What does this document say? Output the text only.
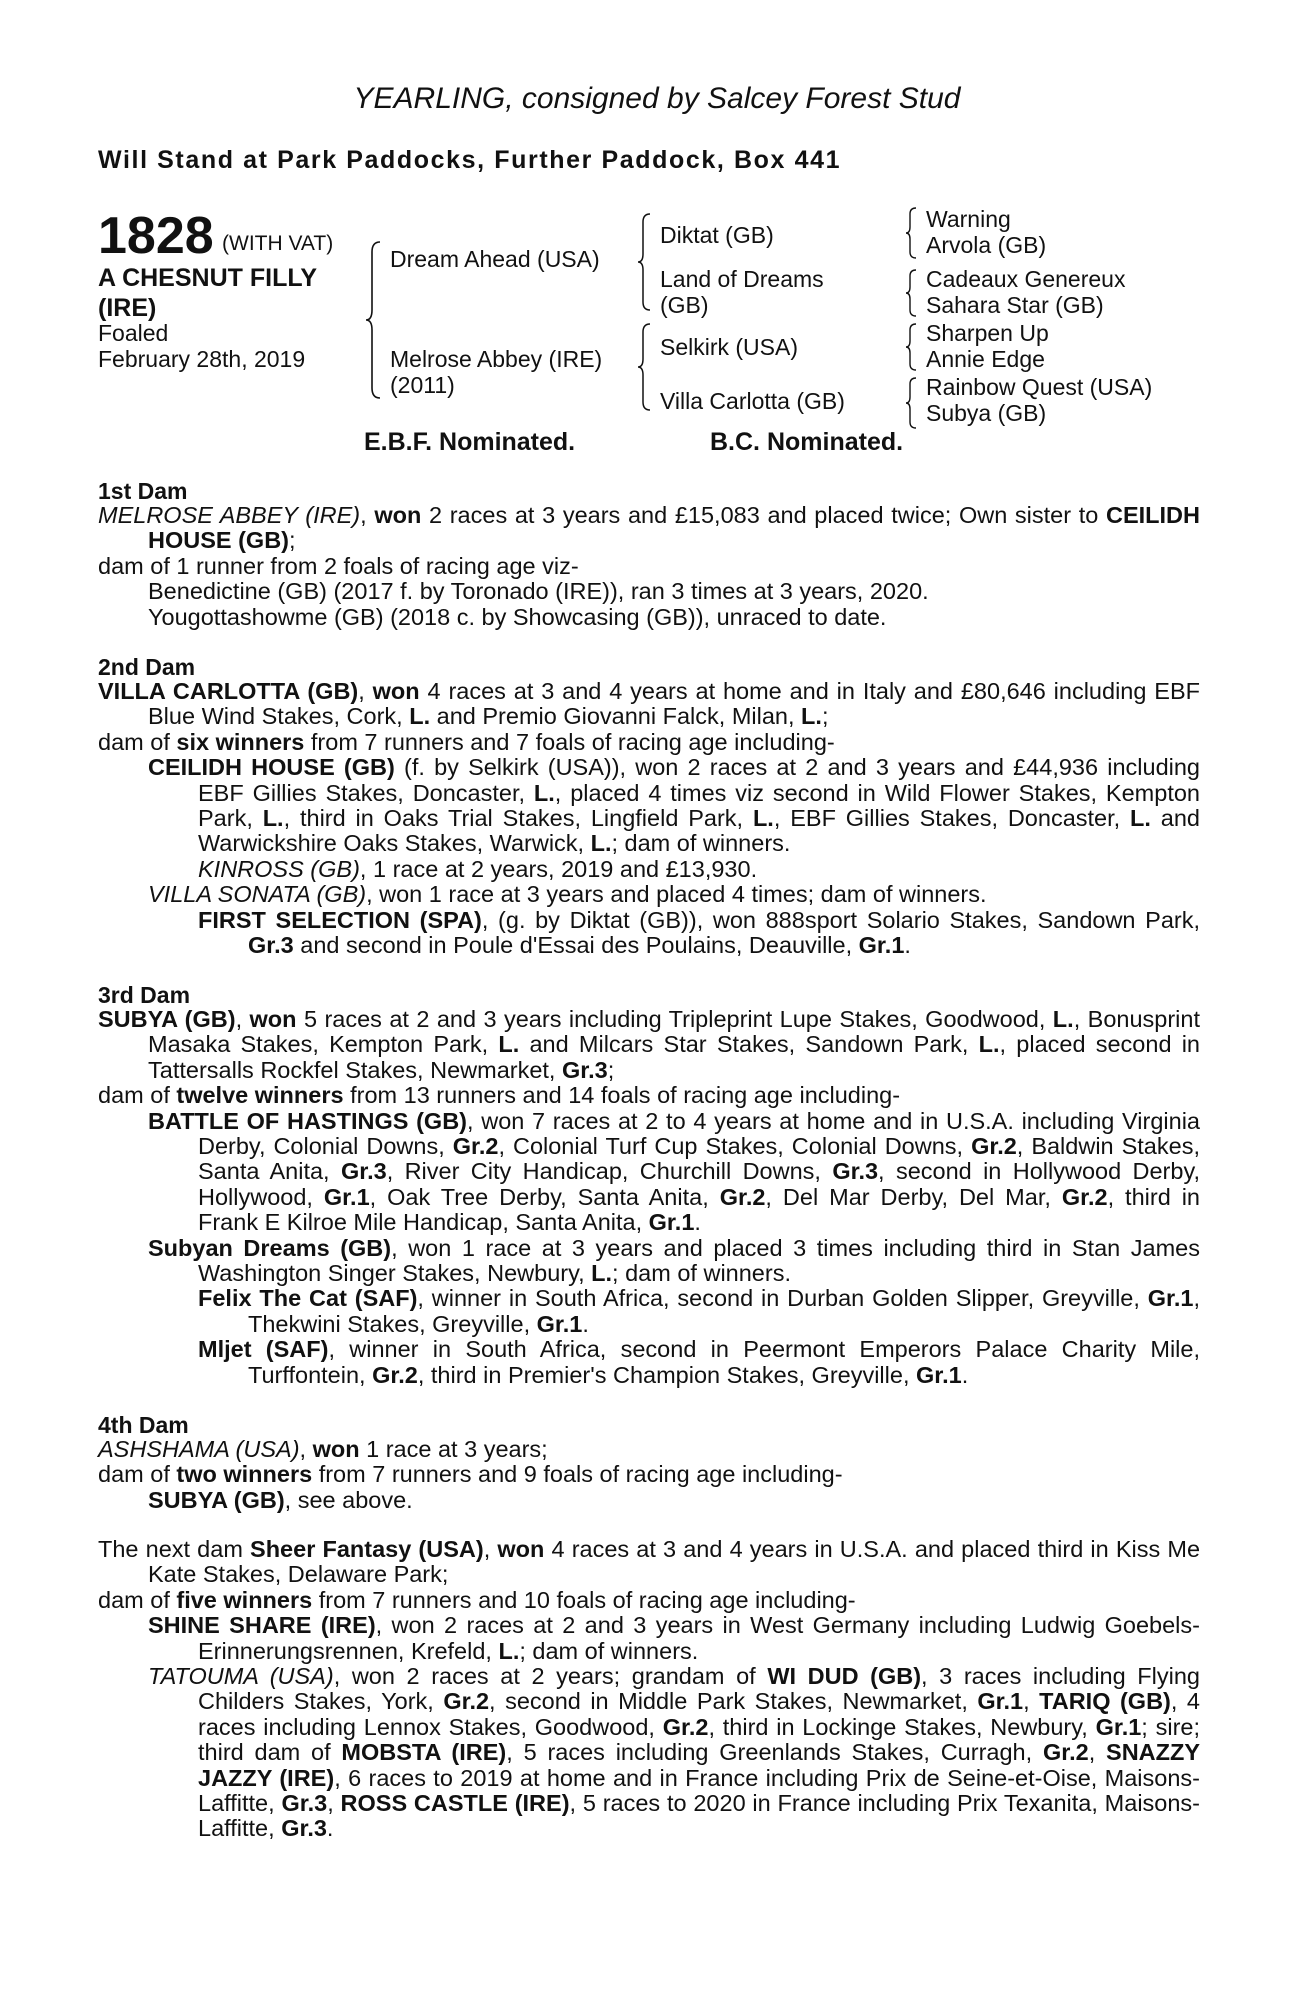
YEARLING, consigned by Salcey Forest Stud
Will Stand at Park Paddocks, Further Paddock, Box 441
1828 (WITH VAT)
A CHESNUT FILLY
(IRE)
Foaled
February 28th, 2019
Dream Ahead (USA)
Melrose Abbey (IRE)
(2011)
Diktat (GB)
Land of Dreams
(GB)
Selkirk (USA)
Villa Carlotta (GB)
Warning
Arvola (GB)
Cadeaux Genereux
Sahara Star (GB)
Sharpen Up
Annie Edge
Rainbow Quest (USA)
Subya (GB)
E.B.F. Nominated.	B.C. Nominated.
1st Dam

MELROSE ABBEY (IRE), won 2 races at 3 years and £15,083 and placed twice; Own sister to CEILIDH HOUSE (GB);

dam of 1 runner from 2 foals of racing age viz-

Benedictine (GB) (2017 f. by Toronado (IRE)), ran 3 times at 3 years, 2020.

Yougottashowme (GB) (2018 c. by Showcasing (GB)), unraced to date.

2nd Dam

VILLA CARLOTTA (GB), won 4 races at 3 and 4 years at home and in Italy and £80,646 including EBF Blue Wind Stakes, Cork, L. and Premio Giovanni Falck, Milan, L.;

dam of six winners from 7 runners and 7 foals of racing age including-

CEILIDH HOUSE (GB) (f. by Selkirk (USA)), won 2 races at 2 and 3 years and £44,936 including EBF Gillies Stakes, Doncaster, L., placed 4 times viz second in Wild Flower Stakes, Kempton Park, L., third in Oaks Trial Stakes, Lingfield Park, L., EBF Gillies Stakes, Doncaster, L. and Warwickshire Oaks Stakes, Warwick, L.; dam of winners.

KINROSS (GB), 1 race at 2 years, 2019 and £13,930.

VILLA SONATA (GB), won 1 race at 3 years and placed 4 times; dam of winners.

FIRST SELECTION (SPA), (g. by Diktat (GB)), won 888sport Solario Stakes, Sandown Park, Gr.3 and second in Poule d'Essai des Poulains, Deauville, Gr.1.

3rd Dam

SUBYA (GB), won 5 races at 2 and 3 years including Tripleprint Lupe Stakes, Goodwood, L., Bonusprint Masaka Stakes, Kempton Park, L. and Milcars Star Stakes, Sandown Park, L., placed second in Tattersalls Rockfel Stakes, Newmarket, Gr.3;

dam of twelve winners from 13 runners and 14 foals of racing age including-

BATTLE OF HASTINGS (GB), won 7 races at 2 to 4 years at home and in U.S.A. including Virginia Derby, Colonial Downs, Gr.2, Colonial Turf Cup Stakes, Colonial Downs, Gr.2, Baldwin Stakes, Santa Anita, Gr.3, River City Handicap, Churchill Downs, Gr.3, second in Hollywood Derby, Hollywood, Gr.1, Oak Tree Derby, Santa Anita, Gr.2, Del Mar Derby, Del Mar, Gr.2, third in Frank E Kilroe Mile Handicap, Santa Anita, Gr.1.

Subyan Dreams (GB), won 1 race at 3 years and placed 3 times including third in Stan James Washington Singer Stakes, Newbury, L.; dam of winners.

Felix The Cat (SAF), winner in South Africa, second in Durban Golden Slipper, Greyville, Gr.1, Thekwini Stakes, Greyville, Gr.1.

Mljet (SAF), winner in South Africa, second in Peermont Emperors Palace Charity Mile, Turffontein, Gr.2, third in Premier's Champion Stakes, Greyville, Gr.1.

4th Dam

ASHSHAMA (USA), won 1 race at 3 years;

dam of two winners from 7 runners and 9 foals of racing age including-

SUBYA (GB), see above.

The next dam Sheer Fantasy (USA), won 4 races at 3 and 4 years in U.S.A. and placed third in Kiss Me Kate Stakes, Delaware Park;

dam of five winners from 7 runners and 10 foals of racing age including-

SHINE SHARE (IRE), won 2 races at 2 and 3 years in West Germany including Ludwig Goebels-Erinnerungsrennen, Krefeld, L.; dam of winners.

TATOUMA (USA), won 2 races at 2 years; grandam of WI DUD (GB), 3 races including Flying Childers Stakes, York, Gr.2, second in Middle Park Stakes, Newmarket, Gr.1, TARIQ (GB), 4 races including Lennox Stakes, Goodwood, Gr.2, third in Lockinge Stakes, Newbury, Gr.1; sire; third dam of MOBSTA (IRE), 5 races including Greenlands Stakes, Curragh, Gr.2, SNAZZY JAZZY (IRE), 6 races to 2019 at home and in France including Prix de Seine-et-Oise, Maisons-Laffitte, Gr.3, ROSS CASTLE (IRE), 5 races to 2020 in France including Prix Texanita, Maisons-Laffitte, Gr.3.
